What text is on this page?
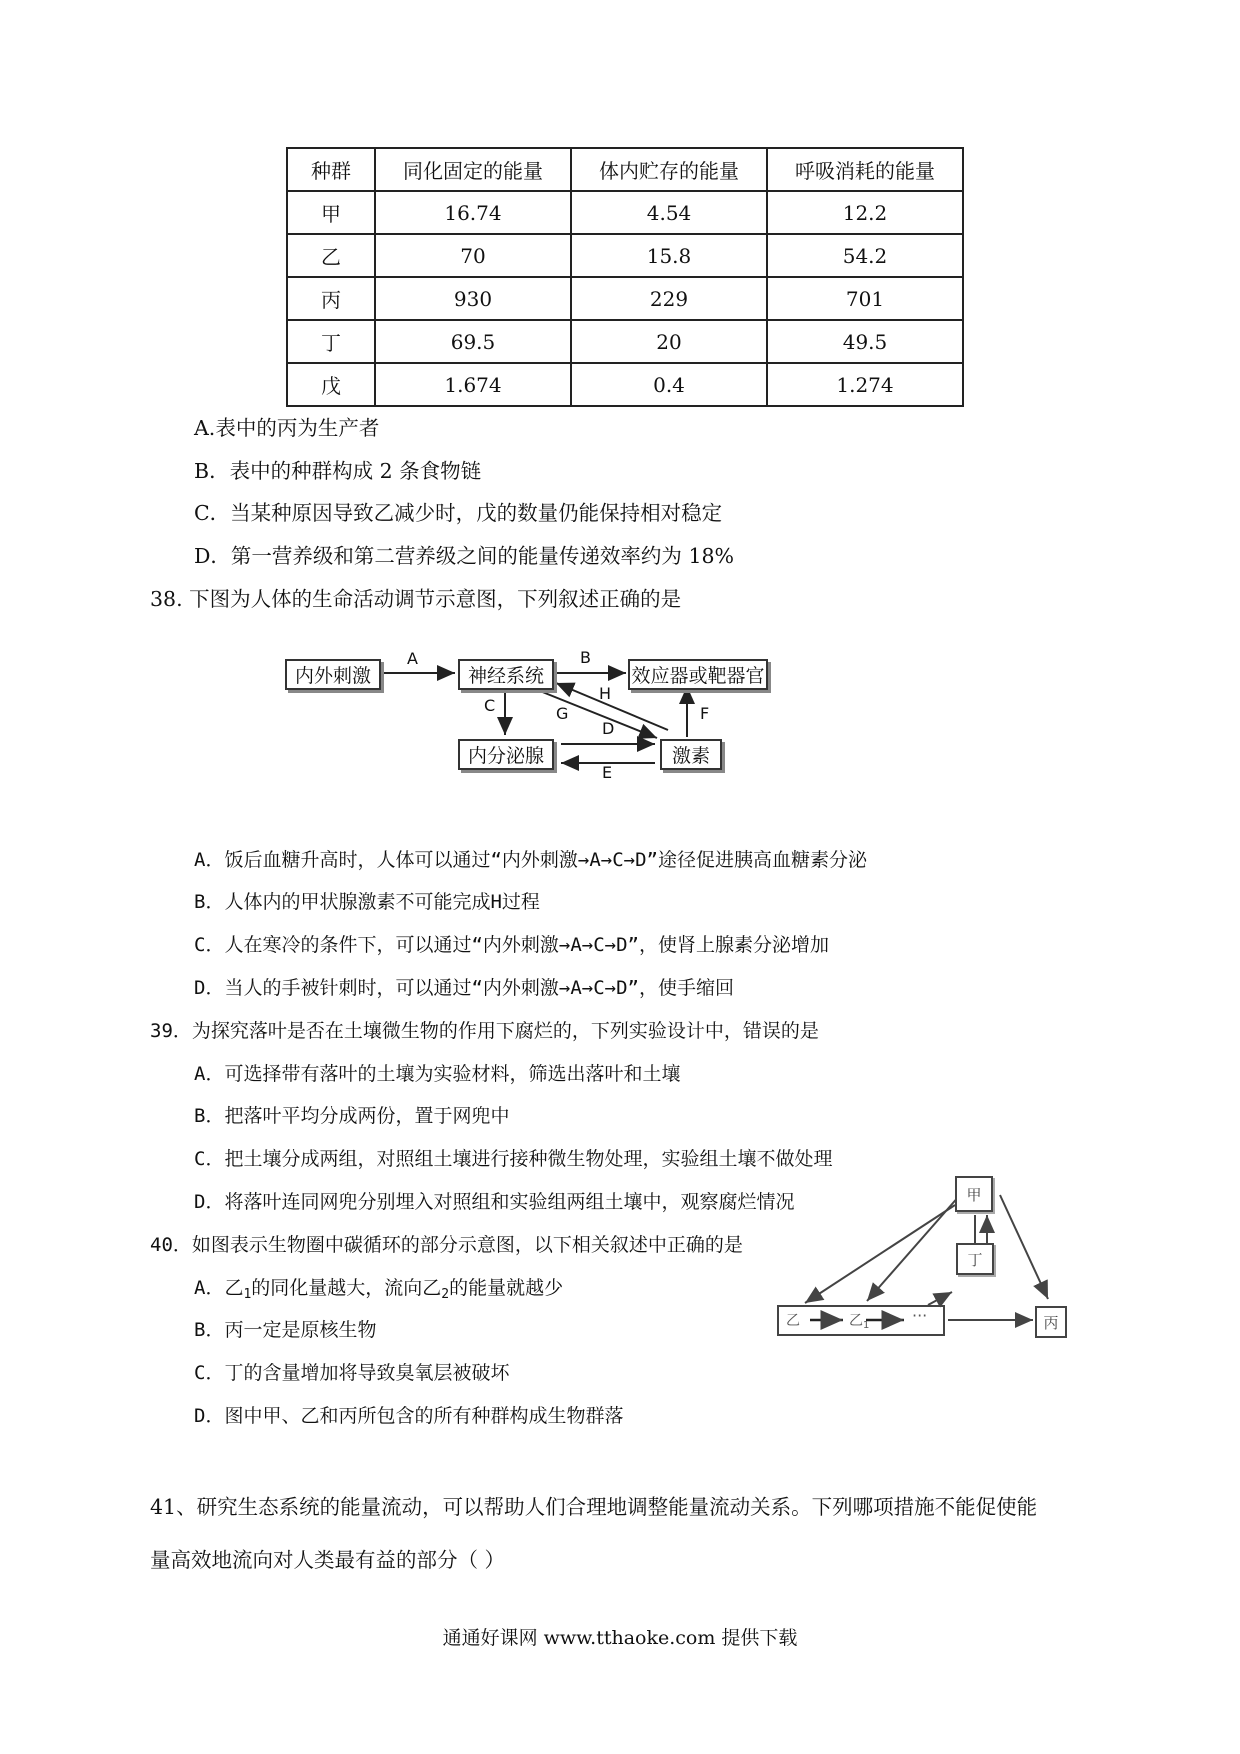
种群	同化固定的能量	体内贮存的能量	呼吸消耗的能量
甲	16.74	4.54	12.2
乙	70	15.8	54.2
丙	930	229	701
丁	69.5	20	49.5
戊	1.674	0.4	1.274
A.表中的丙为生产者
B．表中的种群构成 2 条食物链
C．当某种原因导致乙减少时，戊的数量仍能保持相对稳定
D．第一营养级和第二营养级之间的能量传递效率约为 18%
38. 下图为人体的生命活动调节示意图，下列叙述正确的是
内外刺激	神经系统	效应器或靶器官
内分泌腺	激素
A	B
C
D
E
F
G
H
A．饭后血糖升高时，人体可以通过“内外刺激→A→C→D”途径促进胰高血糖素分泌
B．人体内的甲状腺激素不可能完成H过程
C．人在寒冷的条件下，可以通过“内外刺激→A→C→D”，使肾上腺素分泌增加
D．当人的手被针刺时，可以通过“内外刺激→A→C→D”，使手缩回
39．为探究落叶是否在土壤微生物的作用下腐烂的，下列实验设计中，错误的是
A．可选择带有落叶的土壤为实验材料，筛选出落叶和土壤
B．把落叶平均分成两份，置于网兜中
C．把土壤分成两组，对照组土壤进行接种微生物处理，实验组土壤不做处理
D．将落叶连同网兜分别埋入对照组和实验组两组土壤中，观察腐烂情况	甲
丁
丙
乙	乙$_1$
···
40．如图表示生物圈中碳循环的部分示意图，以下相关叙述中正确的是
A．乙$_1$的同化量越大，流向乙$_2$的能量就越少
B．丙一定是原核生物
C．丁的含量增加将导致臭氧层被破坏
D．图中甲、乙和丙所包含的所有种群构成生物群落
41、研究生态系统的能量流动，可以帮助人们合理地调整能量流动关系。下列哪项措施不能促使能
量高效地流向对人类最有益的部分（ ）
通通好课网 www.tthaoke.com 提供下载
